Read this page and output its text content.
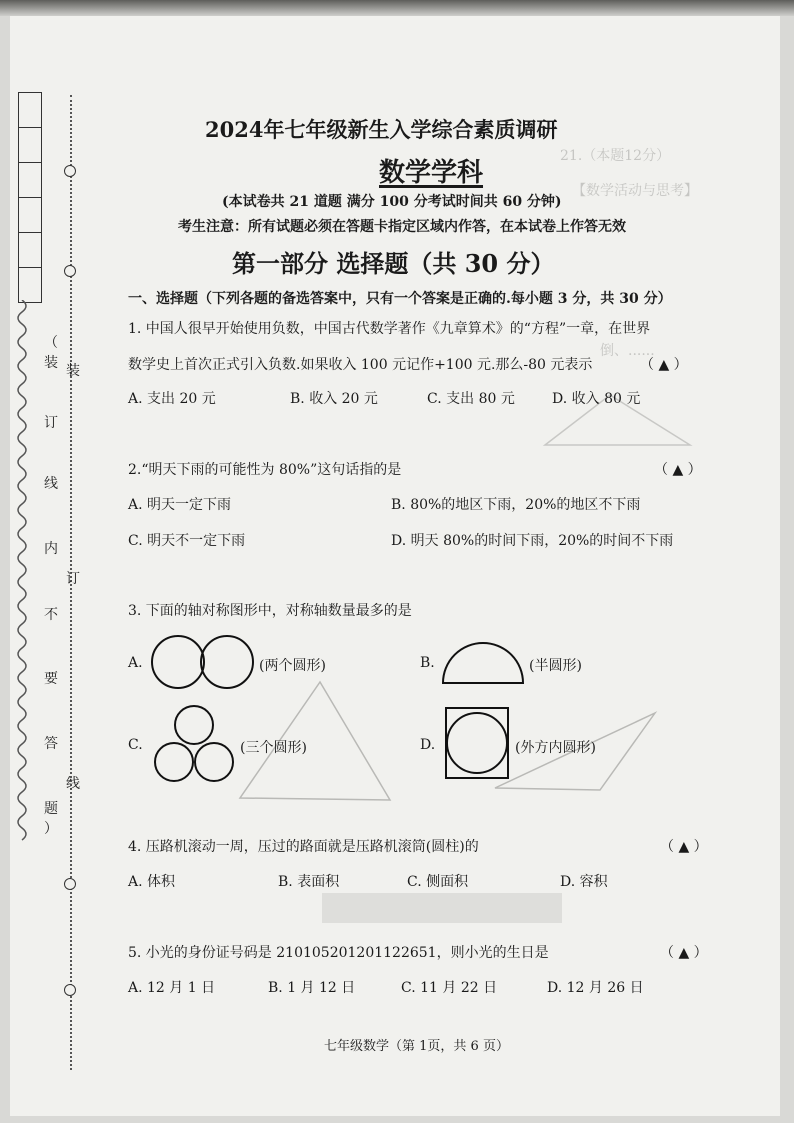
（
装
订
线
内
不
要
答
题
）
装
订
线
21.（本题12分）
【数学活动与思考】
倒、......
2024年七年级新生入学综合素质调研
数学学科
(本试卷共 21 道题 满分 100 分考试时间共 60 分钟)
考生注意：所有试题必须在答题卡指定区域内作答，在本试卷上作答无效
第一部分 选择题（共 30 分）
一、选择题（下列各题的备选答案中，只有一个答案是正确的.每小题 3 分，共 30 分）
1. 中国人很早开始使用负数，中国古代数学著作《九章算术》的“方程”一章，在世界
数学史上首次正式引入负数.如果收入 100 元记作+100 元.那么-80 元表示	（ ▲ ）
A. 支出 20 元	B. 收入 20 元	C. 支出 80 元	D. 收入 80 元
2.“明天下雨的可能性为 80%”这句话指的是	（ ▲ ）
A. 明天一定下雨	B. 80%的地区下雨，20%的地区不下雨
C. 明天不一定下雨	D. 明天 80%的时间下雨，20%的时间不下雨
3. 下面的轴对称图形中，对称轴数量最多的是
A.	(两个圆形)	B.	(半圆形)
C.	(三个圆形)	D.	(外方内圆形)
4. 压路机滚动一周，压过的路面就是压路机滚筒(圆柱)的	（ ▲ ）
A. 体积	B. 表面积	C. 侧面积	D. 容积
5. 小光的身份证号码是 210105201201122651，则小光的生日是	（ ▲ ）
A. 12 月 1 日	B. 1 月 12 日	C. 11 月 22 日	D. 12 月 26 日
七年级数学（第 1页，共 6 页）
